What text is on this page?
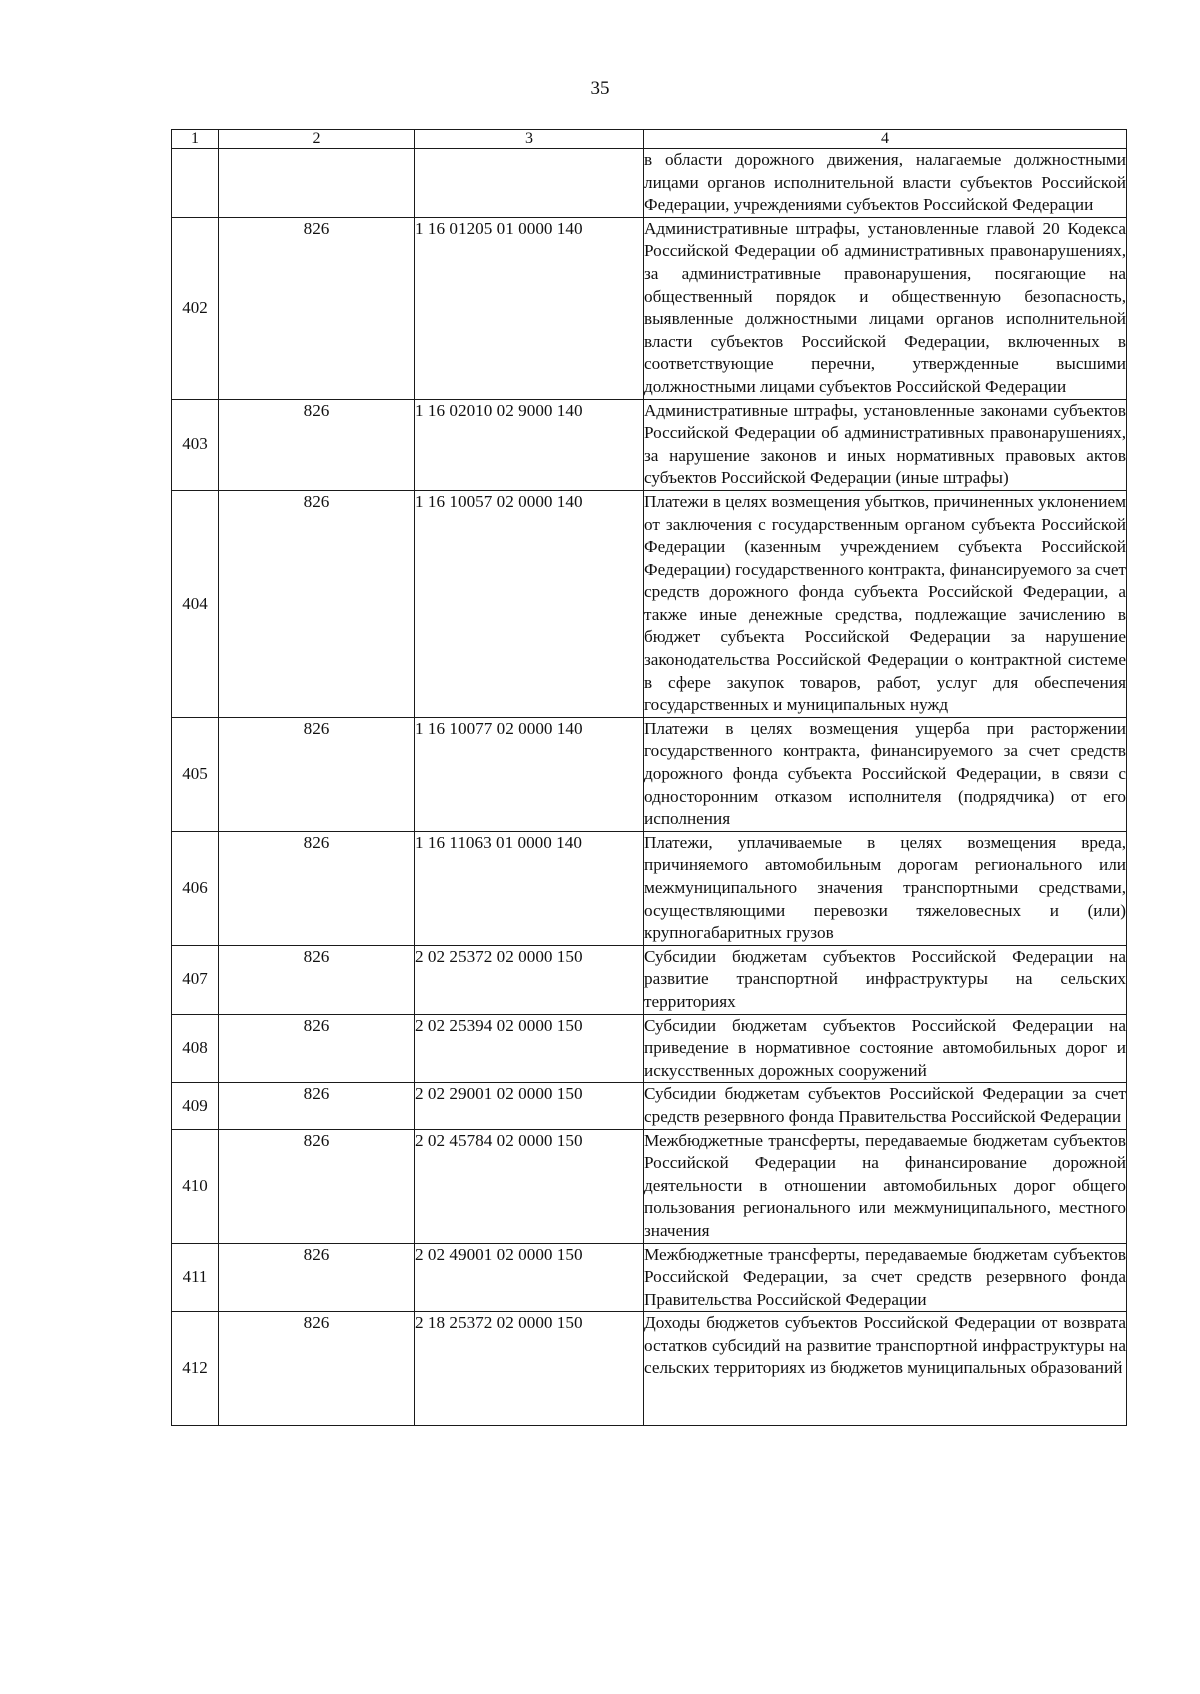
35
1	2	3	4
			в области дорожного движения, налагаемые должностными лицами органов исполнительной власти субъектов Российской Федерации, учреждениями субъектов Российской Федерации
402	826	1 16 01205 01 0000 140	Административные штрафы, установленные главой 20 Кодекса Российской Федерации об административных правонарушениях, за административные правонарушения, посягающие на общественный порядок и общественную безопасность, выявленные должностными лицами органов исполнительной власти субъектов Российской Федерации, включенных в соответствующие перечни, утвержденные высшими должностными лицами субъектов Российской Федерации
403	826	1 16 02010 02 9000 140	Административные штрафы, установленные законами субъектов Российской Федерации об административных правонарушениях, за нарушение законов и иных нормативных правовых актов субъектов Российской Федерации (иные штрафы)
404	826	1 16 10057 02 0000 140	Платежи в целях возмещения убытков, причиненных уклонением от заключения с государственным органом субъекта Российской Федерации (казенным учреждением субъекта Российской Федерации) государственного контракта, финансируемого за счет средств дорожного фонда субъекта Российской Федерации, а также иные денежные средства, подлежащие зачислению в бюджет субъекта Российской Федерации за нарушение законодательства Российской Федерации о контрактной системе в сфере закупок товаров, работ, услуг для обеспечения государственных и муниципальных нужд
405	826	1 16 10077 02 0000 140	Платежи в целях возмещения ущерба при расторжении государственного контракта, финансируемого за счет средств дорожного фонда субъекта Российской Федерации, в связи с односторонним отказом исполнителя (подрядчика) от его исполнения
406	826	1 16 11063 01 0000 140	Платежи, уплачиваемые в целях возмещения вреда, причиняемого автомобильным дорогам регионального или межмуниципального значения транспортными средствами, осуществляющими перевозки тяжеловесных и (или) крупногабаритных грузов
407	826	2 02 25372 02 0000 150	Субсидии бюджетам субъектов Российской Федерации на развитие транспортной инфраструктуры на сельских территориях
408	826	2 02 25394 02 0000 150	Субсидии бюджетам субъектов Российской Федерации на приведение в нормативное состояние автомобильных дорог и искусственных дорожных сооружений
409	826	2 02 29001 02 0000 150	Субсидии бюджетам субъектов Российской Федерации за счет средств резервного фонда Правительства Российской Федерации
410	826	2 02 45784 02 0000 150	Межбюджетные трансферты, передаваемые бюджетам субъектов Российской Федерации на финансирование дорожной деятельности в отношении автомобильных дорог общего пользования регионального или межмуниципального, местного значения
411	826	2 02 49001 02 0000 150	Межбюджетные трансферты, передаваемые бюджетам субъектов Российской Федерации, за счет средств резервного фонда Правительства Российской Федерации
412	826	2 18 25372 02 0000 150	Доходы бюджетов субъектов Российской Федерации от возврата остатков субсидий на развитие транспортной инфраструктуры на сельских территориях из бюджетов муниципальных образований
